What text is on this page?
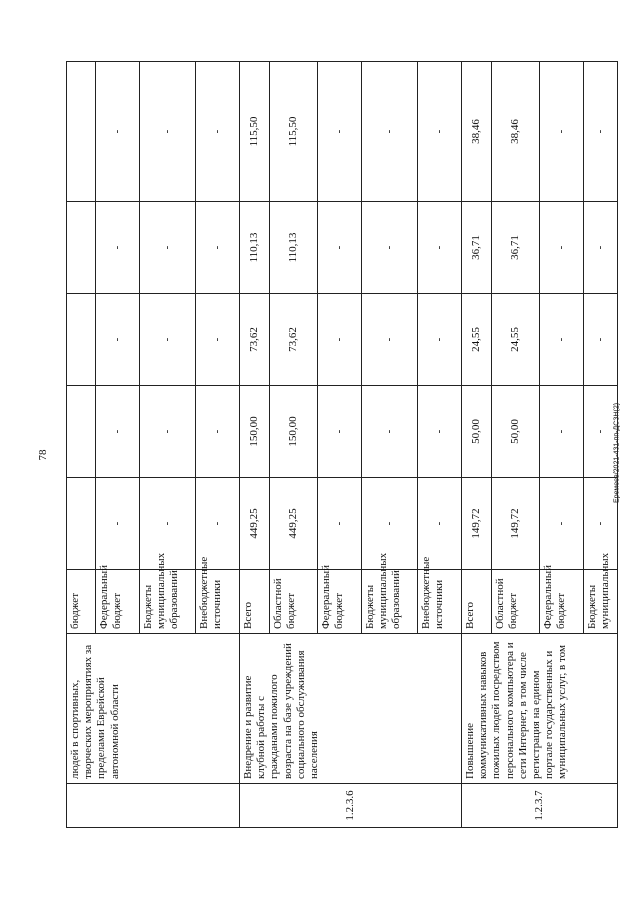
78	Еремеев/2021-431-пп-ДСЗН(2)
	людей в спортивных, творческих мероприятиях за пределами Еврейской автономной области	бюджет					
		Федеральный бюджет	-	-	-	-	-
		Бюджеты муниципальных образований	-	-	-	-	-
		Внебюджетные источники	-	-	-	-	-
1.2.3.6	Внедрение и развитие клубной работы с гражданами пожилого возраста на базе учреждений социального обслуживания населения	Всего	449,25	150,00	73,62	110,13	115,50
		Областной бюджет	449,25	150,00	73,62	110,13	115,50
		Федеральный бюджет	-	-	-	-	-
		Бюджеты муниципальных образований	-	-	-	-	-
		Внебюджетные источники	-	-	-	-	-
1.2.3.7	Повышение коммуникативных навыков пожилых людей посредством персонального компьютера и сети Интернет, в том числе регистрация на едином портале государственных и муниципальных услуг, в том	Всего	149,72	50,00	24,55	36,71	38,46
		Областной бюджет	149,72	50,00	24,55	36,71	38,46
		Федеральный бюджет	-	-	-	-	-
		Бюджеты муниципальных	-	-	-	-	-
